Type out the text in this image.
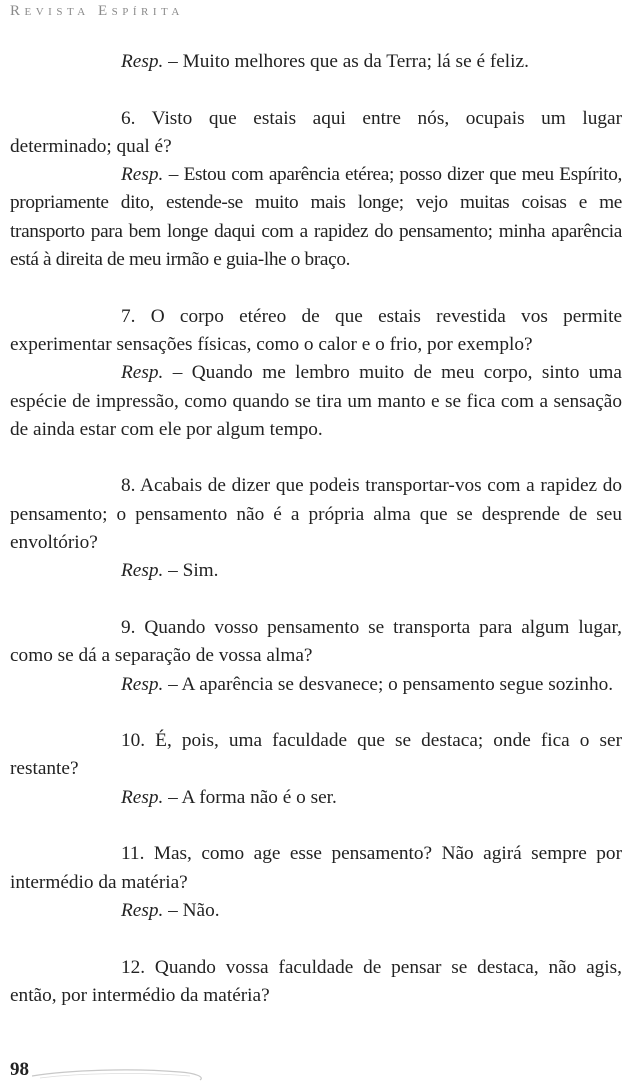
Revista Espírita

Resp. – Muito melhores que as da Terra; lá se é feliz.

6. Visto que estais aqui entre nós, ocupais um lugar determinado; qual é?

Resp. – Estou com aparência etérea; posso dizer que meu Espírito, propriamente dito, estende-se muito mais longe; vejo muitas coisas e me transporto para bem longe daqui com a rapidez do pensamento; minha aparência está à direita de meu irmão e guia-lhe o braço.

7. O corpo etéreo de que estais revestida vos permite experimentar sensações físicas, como o calor e o frio, por exemplo?

Resp. – Quando me lembro muito de meu corpo, sinto uma espécie de impressão, como quando se tira um manto e se fica com a sensação de ainda estar com ele por algum tempo.

8. Acabais de dizer que podeis transportar-vos com a rapidez do pensamento; o pensamento não é a própria alma que se desprende de seu envoltório?

Resp. – Sim.

9. Quando vosso pensamento se transporta para algum lugar, como se dá a separação de vossa alma?

Resp. – A aparência se desvanece; o pensamento segue sozinho.

10. É, pois, uma faculdade que se destaca; onde fica o ser restante?

Resp. – A forma não é o ser.

11. Mas, como age esse pensamento? Não agirá sempre por intermédio da matéria?

Resp. – Não.

12. Quando vossa faculdade de pensar se destaca, não agis, então, por intermédio da matéria?

98
